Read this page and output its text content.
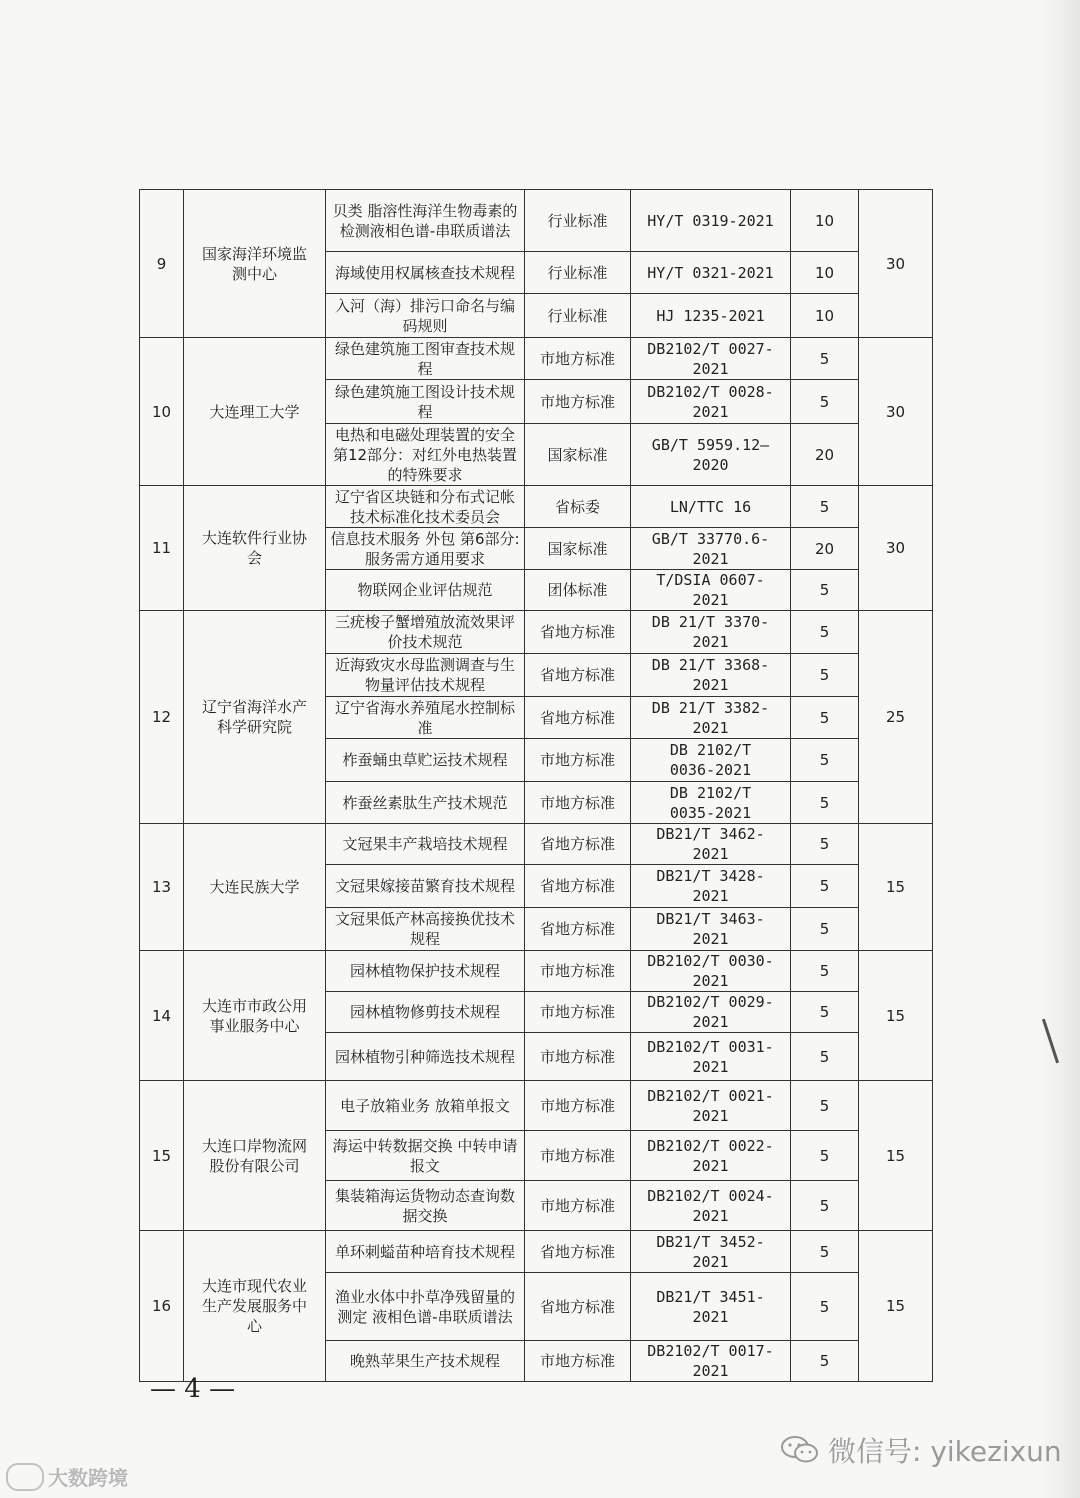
9	国家海洋环境监测中心	贝类 脂溶性海洋生物毒素的检测液相色谱-串联质谱法	行业标准	HY/T 0319-2021	10	30
		海域使用权属核查技术规程	行业标准	HY/T 0321-2021	10	
		入河（海）排污口命名与编码规则	行业标准	HJ 1235-2021	10	
10	大连理工大学	绿色建筑施工图审查技术规程	市地方标准	DB2102/T 0027-2021	5	30
		绿色建筑施工图设计技术规程	市地方标准	DB2102/T 0028-2021	5	
		电热和电磁处理装置的安全 第12部分：对红外电热装置的特殊要求	国家标准	GB/T 5959.12—2020	20	
11	大连软件行业协会	辽宁省区块链和分布式记帐技术标准化技术委员会	省标委	LN/TTC 16	5	30
		信息技术服务 外包 第6部分:服务需方通用要求	国家标准	GB/T 33770.6-2021	20	
		物联网企业评估规范	团体标准	T/DSIA 0607-2021	5	
12	辽宁省海洋水产科学研究院	三疣梭子蟹增殖放流效果评价技术规范	省地方标准	DB 21/T 3370-2021	5	25
		近海致灾水母监测调查与生物量评估技术规程	省地方标准	DB 21/T 3368-2021	5	
		辽宁省海水养殖尾水控制标准	省地方标准	DB 21/T 3382-2021	5	
		柞蚕蛹虫草贮运技术规程	市地方标准	DB 2102/T 0036-2021	5	
		柞蚕丝素肽生产技术规范	市地方标准	DB 2102/T 0035-2021	5	
13	大连民族大学	文冠果丰产栽培技术规程	省地方标准	DB21/T 3462-2021	5	15
		文冠果嫁接苗繁育技术规程	省地方标准	DB21/T 3428-2021	5	
		文冠果低产林高接换优技术规程	省地方标准	DB21/T 3463-2021	5	
14	大连市市政公用事业服务中心	园林植物保护技术规程	市地方标准	DB2102/T 0030-2021	5	15
		园林植物修剪技术规程	市地方标准	DB2102/T 0029-2021	5	
		园林植物引种筛选技术规程	市地方标准	DB2102/T 0031-2021	5	
15	大连口岸物流网股份有限公司	电子放箱业务 放箱单报文	市地方标准	DB2102/T 0021-2021	5	15
		海运中转数据交换 中转申请报文	市地方标准	DB2102/T 0022-2021	5	
		集装箱海运货物动态查询数据交换	市地方标准	DB2102/T 0024-2021	5	
16	大连市现代农业生产发展服务中心	单环刺螠苗种培育技术规程	省地方标准	DB21/T 3452-2021	5	15
		渔业水体中扑草净残留量的测定 液相色谱-串联质谱法	省地方标准	DB21/T 3451-2021	5	
		晚熟苹果生产技术规程	市地方标准	DB2102/T 0017-2021	5	
— 4 —
大数跨境
微信号: yikezixun
